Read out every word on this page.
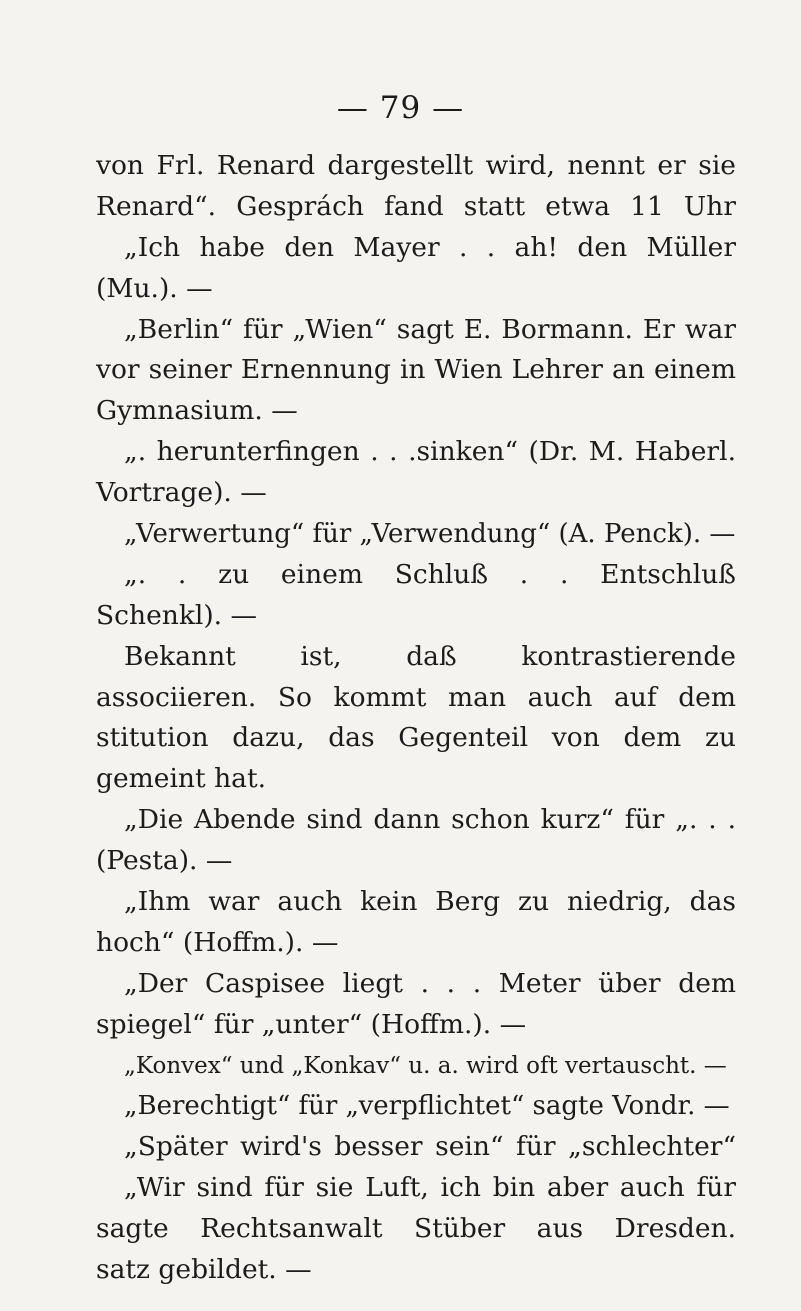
— 79 —
von Frl. Renard dargestellt wird, nennt er sie
Renard“. Gesprách fand statt etwa 11 Uhr
„Ich habe den Mayer . . ah! den Müller
(Mu.). —
„Berlin“ für „Wien“ sagt E. Bormann. Er war
vor seiner Ernennung in Wien Lehrer an einem
Gymnasium. —
„. herunterfingen . . .sinken“ (Dr. M. Haberl.
Vortrage). —
„Verwertung“ für „Verwendung“ (A. Penck). —
„. . zu einem Schluß . . Entschluß
Schenkl). —
Bekannt ist, daß kontrastierende
associieren. So kommt man auch auf dem
stitution dazu, das Gegenteil von dem zu
gemeint hat.
„Die Abende sind dann schon kurz“ für „. . .
(Pesta). —
„Ihm war auch kein Berg zu niedrig, das
hoch“ (Hoffm.). —
„Der Caspisee liegt . . . Meter über dem
spiegel“ für „unter“ (Hoffm.). —
„Konvex“ und „Konkav“ u. a. wird oft vertauscht. —
„Berechtigt“ für „verpflichtet“ sagte Vondr. —
„Später wird's besser sein“ für „schlechter“
„Wir sind für sie Luft, ich bin aber auch für
sagte Rechtsanwalt Stüber aus Dresden.
satz gebildet. —
